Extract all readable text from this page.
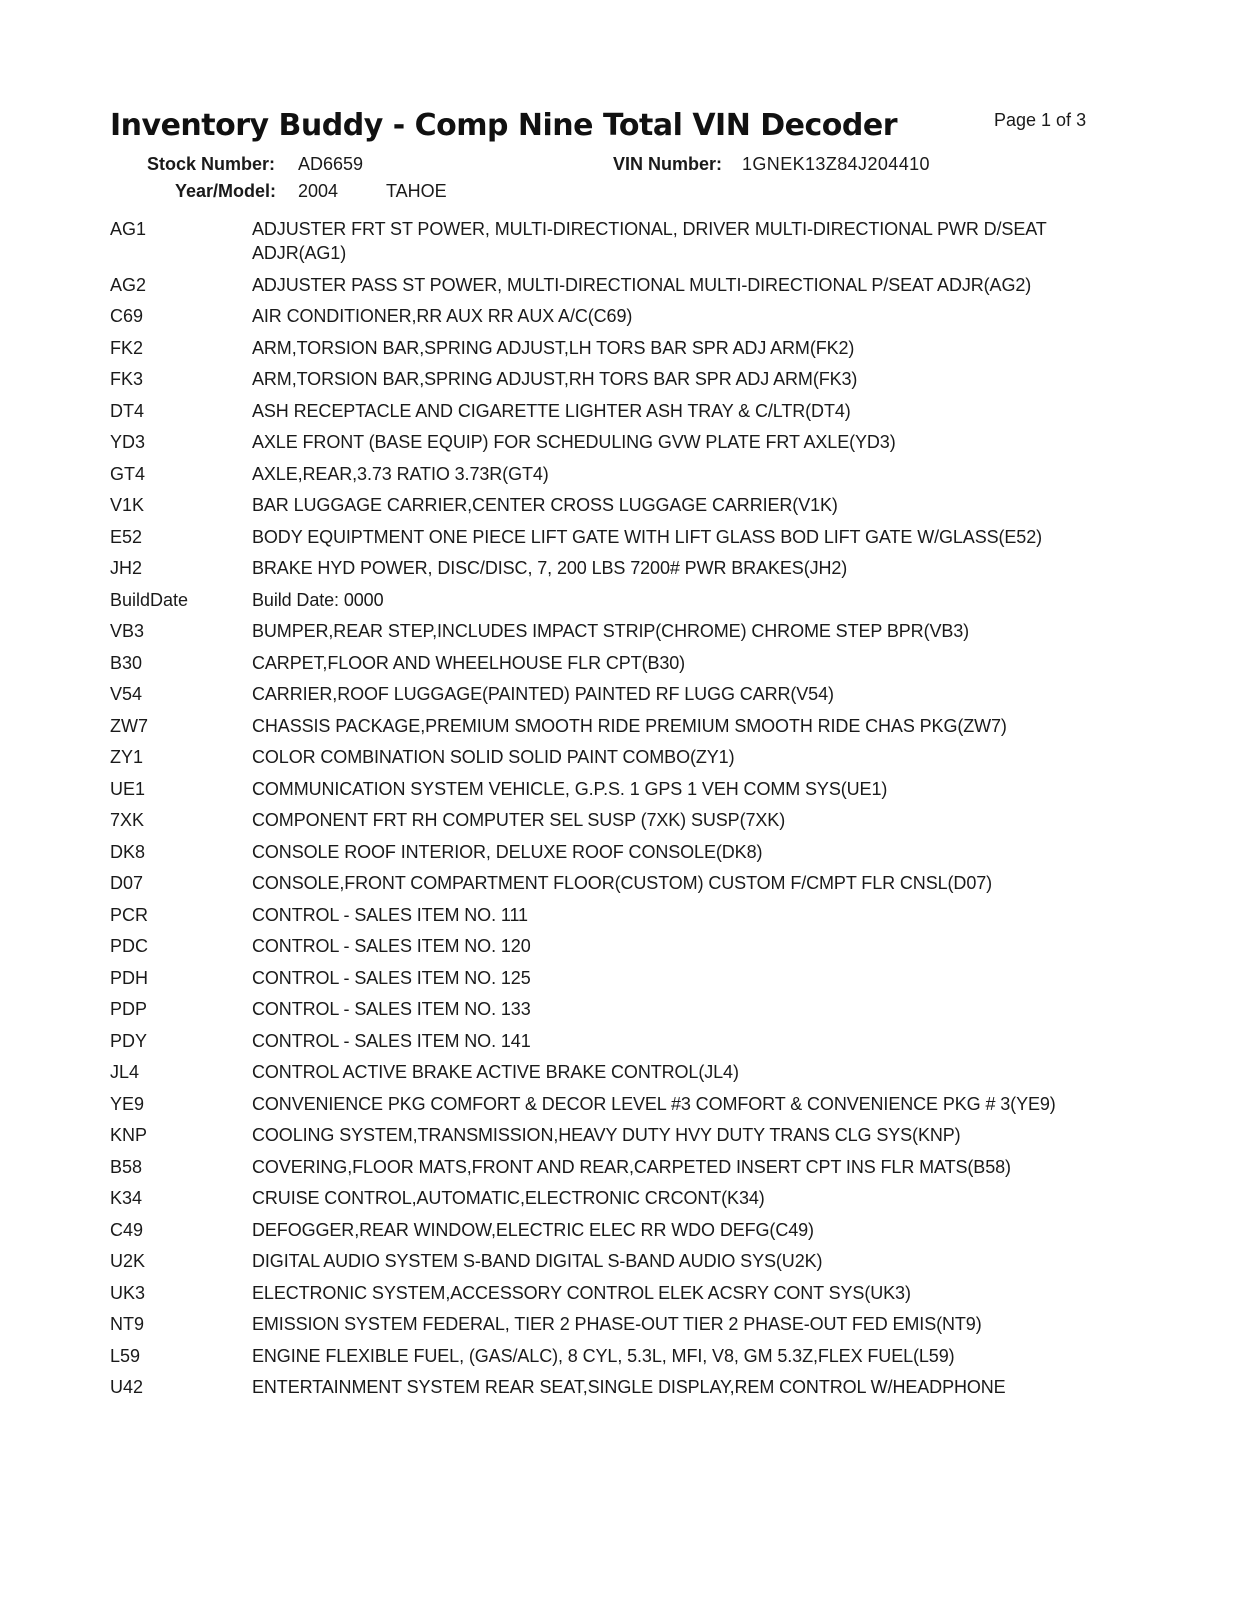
Inventory Buddy - Comp Nine Total VIN Decoder	Page 1 of 3
Stock Number: AD6659	VIN Number: 1GNEK13Z84J204410
Year/Model: 2004	TAHOE
AG1	ADJUSTER FRT ST POWER, MULTI-DIRECTIONAL, DRIVER MULTI-DIRECTIONAL PWR D/SEAT ADJR(AG1)
AG2	ADJUSTER PASS ST POWER, MULTI-DIRECTIONAL MULTI-DIRECTIONAL P/SEAT ADJR(AG2)
C69	AIR CONDITIONER,RR AUX RR AUX A/C(C69)
FK2	ARM,TORSION BAR,SPRING ADJUST,LH TORS BAR SPR ADJ ARM(FK2)
FK3	ARM,TORSION BAR,SPRING ADJUST,RH TORS BAR SPR ADJ ARM(FK3)
DT4	ASH RECEPTACLE AND CIGARETTE LIGHTER ASH TRAY & C/LTR(DT4)
YD3	AXLE FRONT (BASE EQUIP) FOR SCHEDULING GVW PLATE FRT AXLE(YD3)
GT4	AXLE,REAR,3.73 RATIO 3.73R(GT4)
V1K	BAR LUGGAGE CARRIER,CENTER CROSS LUGGAGE CARRIER(V1K)
E52	BODY EQUIPTMENT ONE PIECE LIFT GATE WITH LIFT GLASS BOD LIFT GATE W/GLASS(E52)
JH2	BRAKE HYD POWER, DISC/DISC, 7, 200 LBS 7200# PWR BRAKES(JH2)
BuildDate	Build Date: 0000
VB3	BUMPER,REAR STEP,INCLUDES IMPACT STRIP(CHROME) CHROME STEP BPR(VB3)
B30	CARPET,FLOOR AND WHEELHOUSE FLR CPT(B30)
V54	CARRIER,ROOF LUGGAGE(PAINTED) PAINTED RF LUGG CARR(V54)
ZW7	CHASSIS PACKAGE,PREMIUM SMOOTH RIDE PREMIUM SMOOTH RIDE CHAS PKG(ZW7)
ZY1	COLOR COMBINATION SOLID SOLID PAINT COMBO(ZY1)
UE1	COMMUNICATION SYSTEM VEHICLE, G.P.S. 1 GPS 1 VEH COMM SYS(UE1)
7XK	COMPONENT FRT RH COMPUTER SEL SUSP (7XK) SUSP(7XK)
DK8	CONSOLE ROOF INTERIOR, DELUXE ROOF CONSOLE(DK8)
D07	CONSOLE,FRONT COMPARTMENT FLOOR(CUSTOM) CUSTOM F/CMPT FLR CNSL(D07)
PCR	CONTROL - SALES ITEM NO. 111
PDC	CONTROL - SALES ITEM NO. 120
PDH	CONTROL - SALES ITEM NO. 125
PDP	CONTROL - SALES ITEM NO. 133
PDY	CONTROL - SALES ITEM NO. 141
JL4	CONTROL ACTIVE BRAKE ACTIVE BRAKE CONTROL(JL4)
YE9	CONVENIENCE PKG COMFORT & DECOR LEVEL #3 COMFORT & CONVENIENCE PKG # 3(YE9)
KNP	COOLING SYSTEM,TRANSMISSION,HEAVY DUTY HVY DUTY TRANS CLG SYS(KNP)
B58	COVERING,FLOOR MATS,FRONT AND REAR,CARPETED INSERT CPT INS FLR MATS(B58)
K34	CRUISE CONTROL,AUTOMATIC,ELECTRONIC CRCONT(K34)
C49	DEFOGGER,REAR WINDOW,ELECTRIC ELEC RR WDO DEFG(C49)
U2K	DIGITAL AUDIO SYSTEM S-BAND DIGITAL S-BAND AUDIO SYS(U2K)
UK3	ELECTRONIC SYSTEM,ACCESSORY CONTROL ELEK ACSRY CONT SYS(UK3)
NT9	EMISSION SYSTEM FEDERAL, TIER 2 PHASE-OUT TIER 2 PHASE-OUT FED EMIS(NT9)
L59	ENGINE FLEXIBLE FUEL, (GAS/ALC), 8 CYL, 5.3L, MFI, V8, GM 5.3Z,FLEX FUEL(L59)
U42	ENTERTAINMENT SYSTEM REAR SEAT,SINGLE DISPLAY,REM CONTROL W/HEADPHONE
